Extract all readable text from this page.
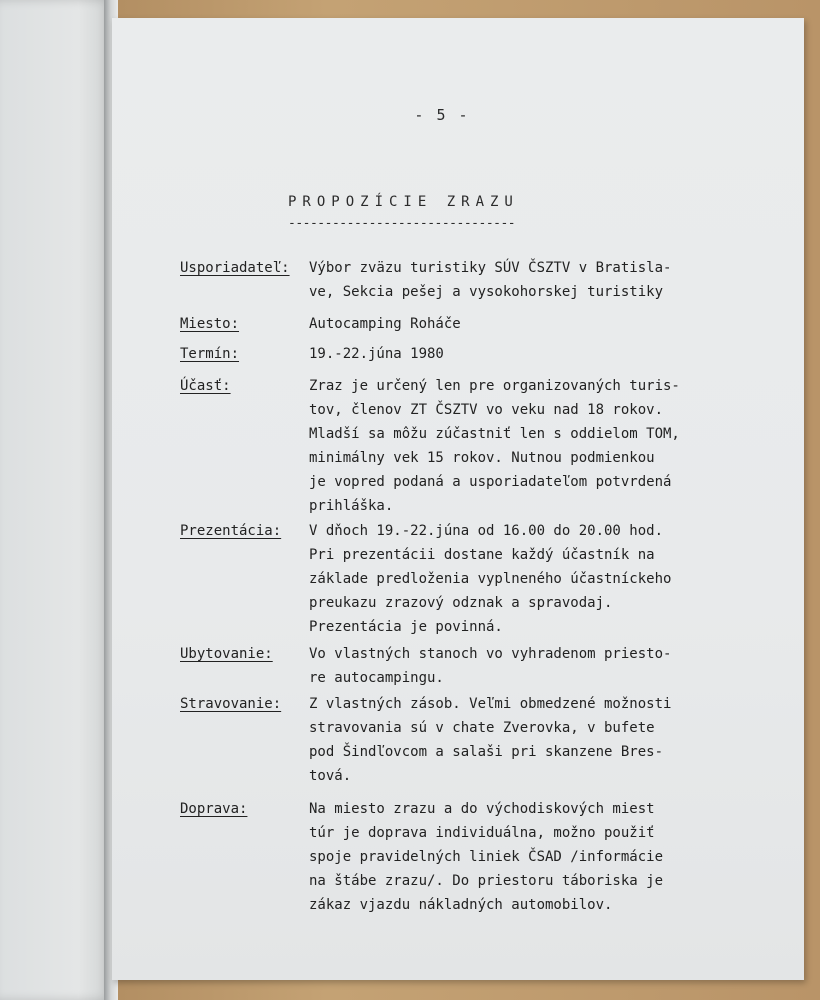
- 5 -
PROPOZÍCIE ZRAZU
-------------------------------
Usporiadateľ: Výbor zväzu turistiky SÚV ČSZTV v Bratisla-
ve, Sekcia pešej a vysokohorskej turistiky

Miesto:	Autocamping Roháče

Termín:	19.-22.júna 1980

Účasť:	Zraz je určený len pre organizovaných turis-
tov, členov ZT ČSZTV vo veku nad 18 rokov.
Mladší sa môžu zúčastniť len s oddielom TOM,
minimálny vek 15 rokov. Nutnou podmienkou
je vopred podaná a usporiadateľom potvrdená
prihláška.

Prezentácia: V dňoch 19.-22.júna od 16.00 do 20.00 hod.
Pri prezentácii dostane každý účastník na
základe predloženia vyplneného účastníckeho
preukazu zrazový odznak a spravodaj.
Prezentácia je povinná.

Ubytovanie:	Vo vlastných stanoch vo vyhradenom priesto-
re autocampingu.

Stravovanie: Z vlastných zásob. Veľmi obmedzené možnosti
stravovania sú v chate Zverovka, v bufete
pod Šindľovcom a salaši pri skanzene Bres-
tová.

Doprava:	Na miesto zrazu a do východiskových miest
túr je doprava individuálna, možno použiť
spoje pravidelných liniek ČSAD /informácie
na štábe zrazu/. Do priestoru táboriska je
zákaz vjazdu nákladných automobilov.
